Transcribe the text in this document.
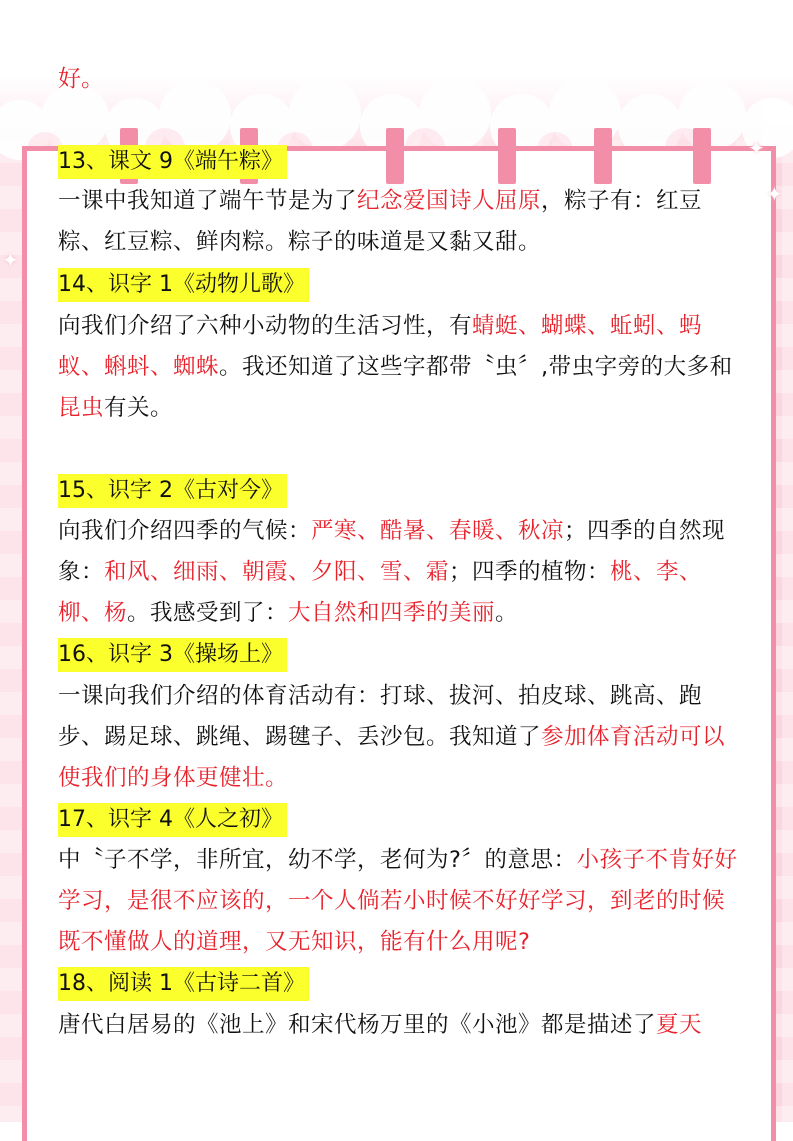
✦
✦
✦
好。
13、课文 9《端午粽》
一课中我知道了端午节是为了纪念爱国诗人屈原，粽子有：红豆粽、红豆粽、鲜肉粽。粽子的味道是又黏又甜。
14、识字 1《动物儿歌》
向我们介绍了六种小动物的生活习性，有蜻蜓、蝴蝶、蚯蚓、蚂蚁、蝌蚪、蜘蛛。我还知道了这些字都带〝虫〞,带虫字旁的大多和昆虫有关。
15、识字 2《古对今》
向我们介绍四季的气候：严寒、酷暑、春暖、秋凉；四季的自然现象：和风、细雨、朝霞、夕阳、雪、霜；四季的植物：桃、李、柳、杨。我感受到了：大自然和四季的美丽。
16、识字 3《操场上》
一课向我们介绍的体育活动有：打球、拔河、拍皮球、跳高、跑步、踢足球、跳绳、踢毽子、丢沙包。我知道了参加体育活动可以使我们的身体更健壮。
17、识字 4《人之初》
中〝子不学，非所宜，幼不学，老何为?〞的意思：小孩子不肯好好学习，是很不应该的，一个人倘若小时候不好好学习，到老的时候既不懂做人的道理，又无知识，能有什么用呢?
18、阅读 1《古诗二首》
唐代白居易的《池上》和宋代杨万里的《小池》都是描述了夏天
